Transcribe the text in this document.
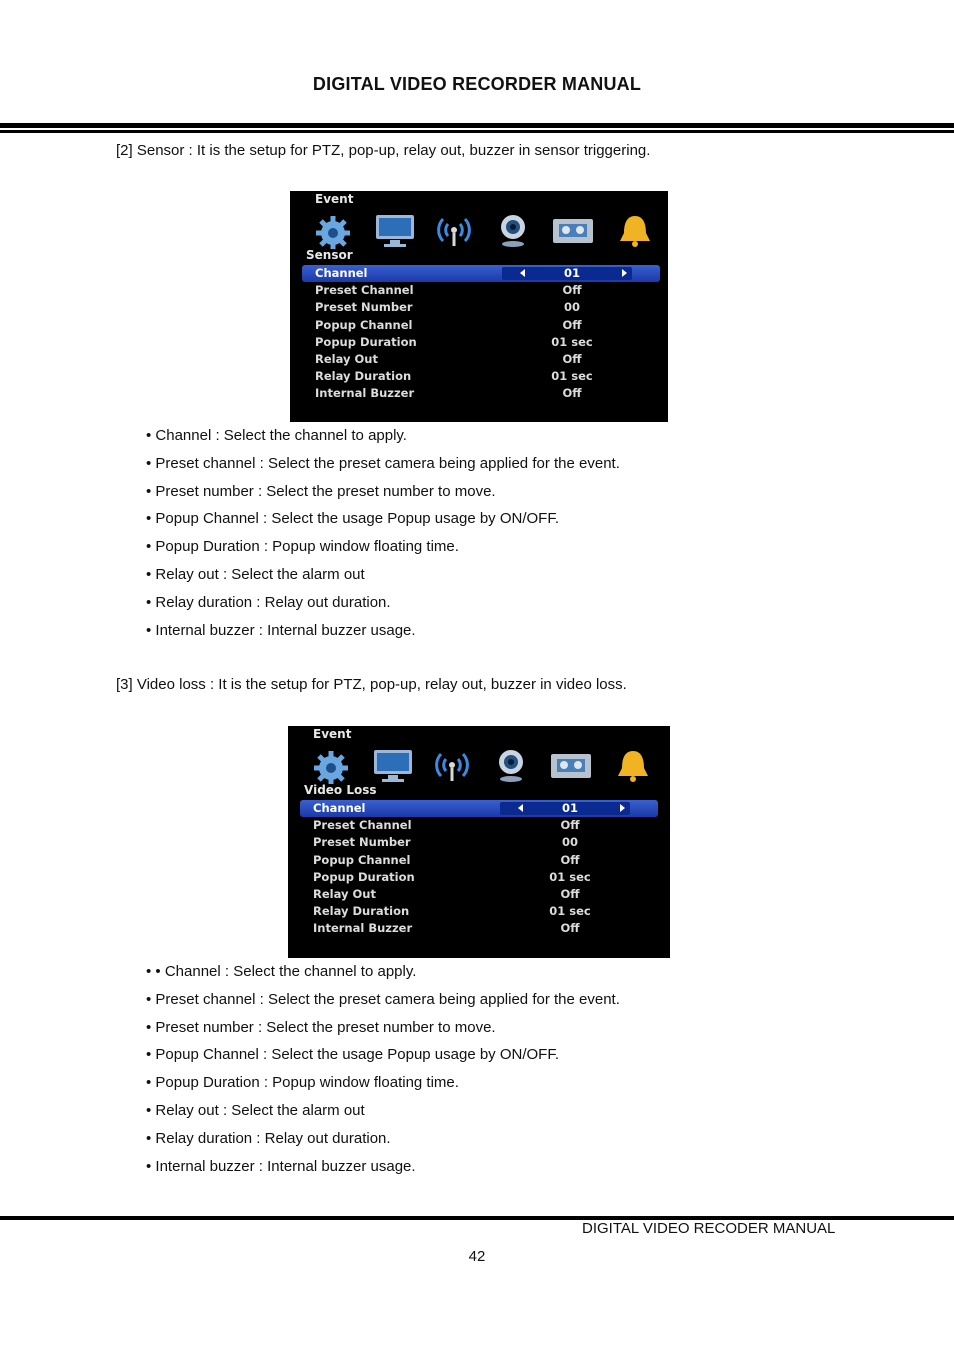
DIGITAL VIDEO RECORDER MANUAL
[2] Sensor : It is the setup for PTZ, pop-up, relay out, buzzer in sensor triggering.
Event
Sensor
Channel	01
Preset Channel	Off
Preset Number	00
Popup Channel	Off
Popup Duration	01 sec
Relay Out	Off
Relay Duration	01 sec
Internal Buzzer	Off
• Channel : Select the channel to apply.
• Preset channel : Select the preset camera being applied for the event.
• Preset number : Select the preset number to move.
• Popup Channel : Select the usage Popup usage by ON/OFF.
• Popup Duration : Popup window floating time.
• Relay out : Select the alarm out
• Relay duration : Relay out duration.
• Internal buzzer : Internal buzzer usage.
[3] Video loss : It is the setup for PTZ, pop-up, relay out, buzzer in video loss.
Event
Video Loss
Channel	01
Preset Channel	Off
Preset Number	00
Popup Channel	Off
Popup Duration	01 sec
Relay Out	Off
Relay Duration	01 sec
Internal Buzzer	Off
• • Channel : Select the channel to apply.
• Preset channel : Select the preset camera being applied for the event.
• Preset number : Select the preset number to move.
• Popup Channel : Select the usage Popup usage by ON/OFF.
• Popup Duration : Popup window floating time.
• Relay out : Select the alarm out
• Relay duration : Relay out duration.
• Internal buzzer : Internal buzzer usage.
DIGITAL VIDEO RECODER MANUAL
42
